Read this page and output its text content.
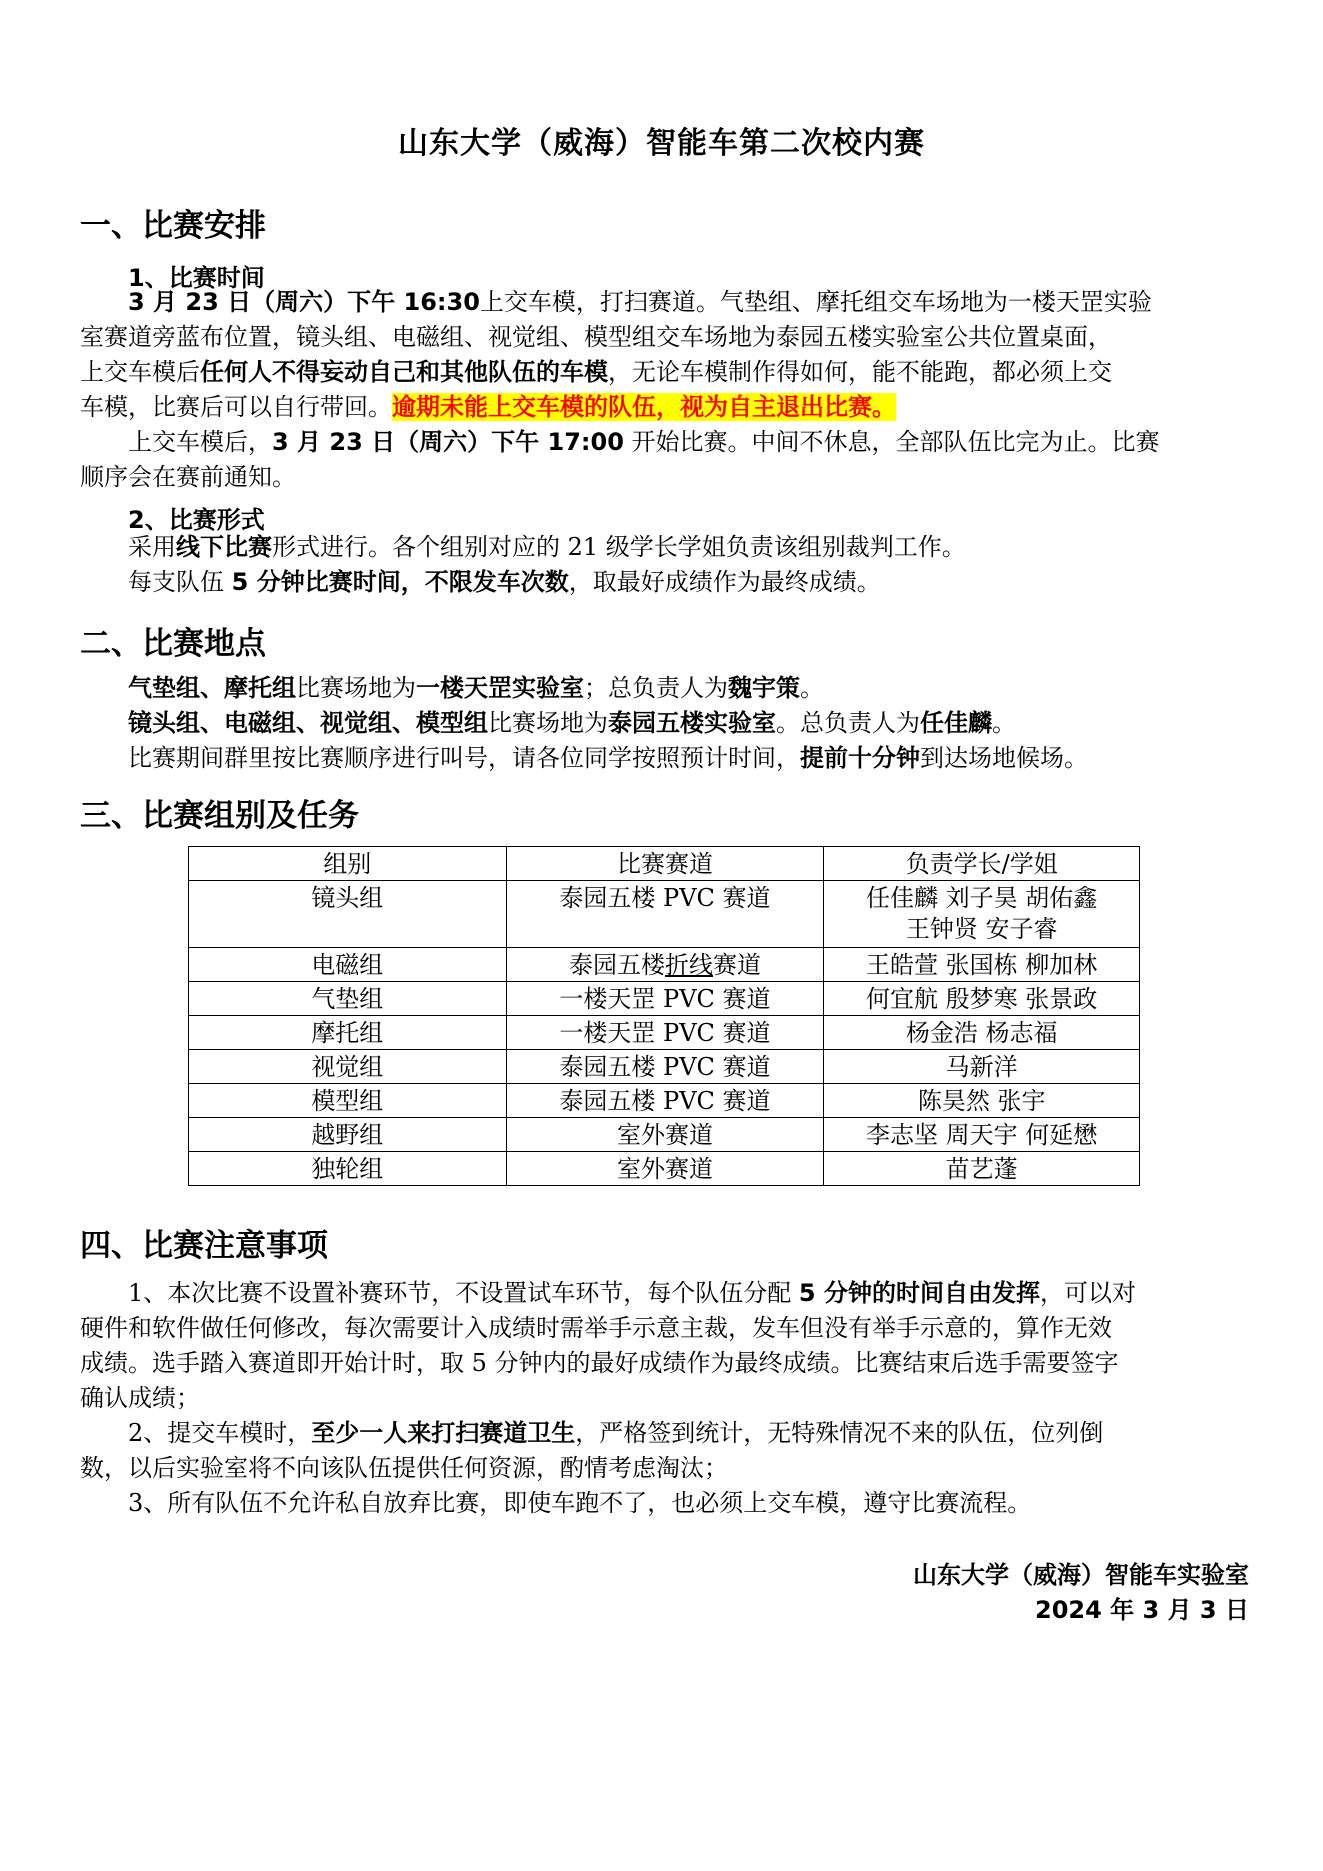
山东大学（威海）智能车第二次校内赛
一、比赛安排
1、比赛时间
3 月 23 日（周六）下午 16:30上交车模，打扫赛道。气垫组、摩托组交车场地为一楼天罡实验
室赛道旁蓝布位置，镜头组、电磁组、视觉组、模型组交车场地为泰园五楼实验室公共位置桌面，
上交车模后任何人不得妄动自己和其他队伍的车模，无论车模制作得如何，能不能跑，都必须上交
车模，比赛后可以自行带回。逾期未能上交车模的队伍，视为自主退出比赛。
上交车模后，3 月 23 日（周六）下午 17:00 开始比赛。中间不休息，全部队伍比完为止。比赛
顺序会在赛前通知。
2、比赛形式
采用线下比赛形式进行。各个组别对应的 21 级学长学姐负责该组别裁判工作。
每支队伍 5 分钟比赛时间，不限发车次数，取最好成绩作为最终成绩。
二、比赛地点
气垫组、摩托组比赛场地为一楼天罡实验室；总负责人为魏宇策。
镜头组、电磁组、视觉组、模型组比赛场地为泰园五楼实验室。总负责人为任佳麟。
比赛期间群里按比赛顺序进行叫号，请各位同学按照预计时间，提前十分钟到达场地候场。
三、比赛组别及任务
组别	比赛赛道	负责学长/学姐
镜头组	泰园五楼 PVC 赛道	任佳麟 刘子昊 胡佑鑫
王钟贤 安子睿

电磁组	泰园五楼折线赛道	王皓萱 张国栋 柳加林
气垫组	一楼天罡 PVC 赛道	何宜航 殷梦寒 张景政
摩托组	一楼天罡 PVC 赛道	杨金浩 杨志福
视觉组	泰园五楼 PVC 赛道	马新洋
模型组	泰园五楼 PVC 赛道	陈昊然 张宇
越野组	室外赛道	李志坚 周天宇 何延懋
独轮组	室外赛道	苗艺蓬
四、比赛注意事项
1、本次比赛不设置补赛环节，不设置试车环节，每个队伍分配 5 分钟的时间自由发挥，可以对
硬件和软件做任何修改，每次需要计入成绩时需举手示意主裁，发车但没有举手示意的，算作无效
成绩。选手踏入赛道即开始计时，取 5 分钟内的最好成绩作为最终成绩。比赛结束后选手需要签字
确认成绩；
2、提交车模时，至少一人来打扫赛道卫生，严格签到统计，无特殊情况不来的队伍，位列倒
数，以后实验室将不向该队伍提供任何资源，酌情考虑淘汰；
3、所有队伍不允许私自放弃比赛，即使车跑不了，也必须上交车模，遵守比赛流程。
山东大学（威海）智能车实验室
2024 年 3 月 3 日
